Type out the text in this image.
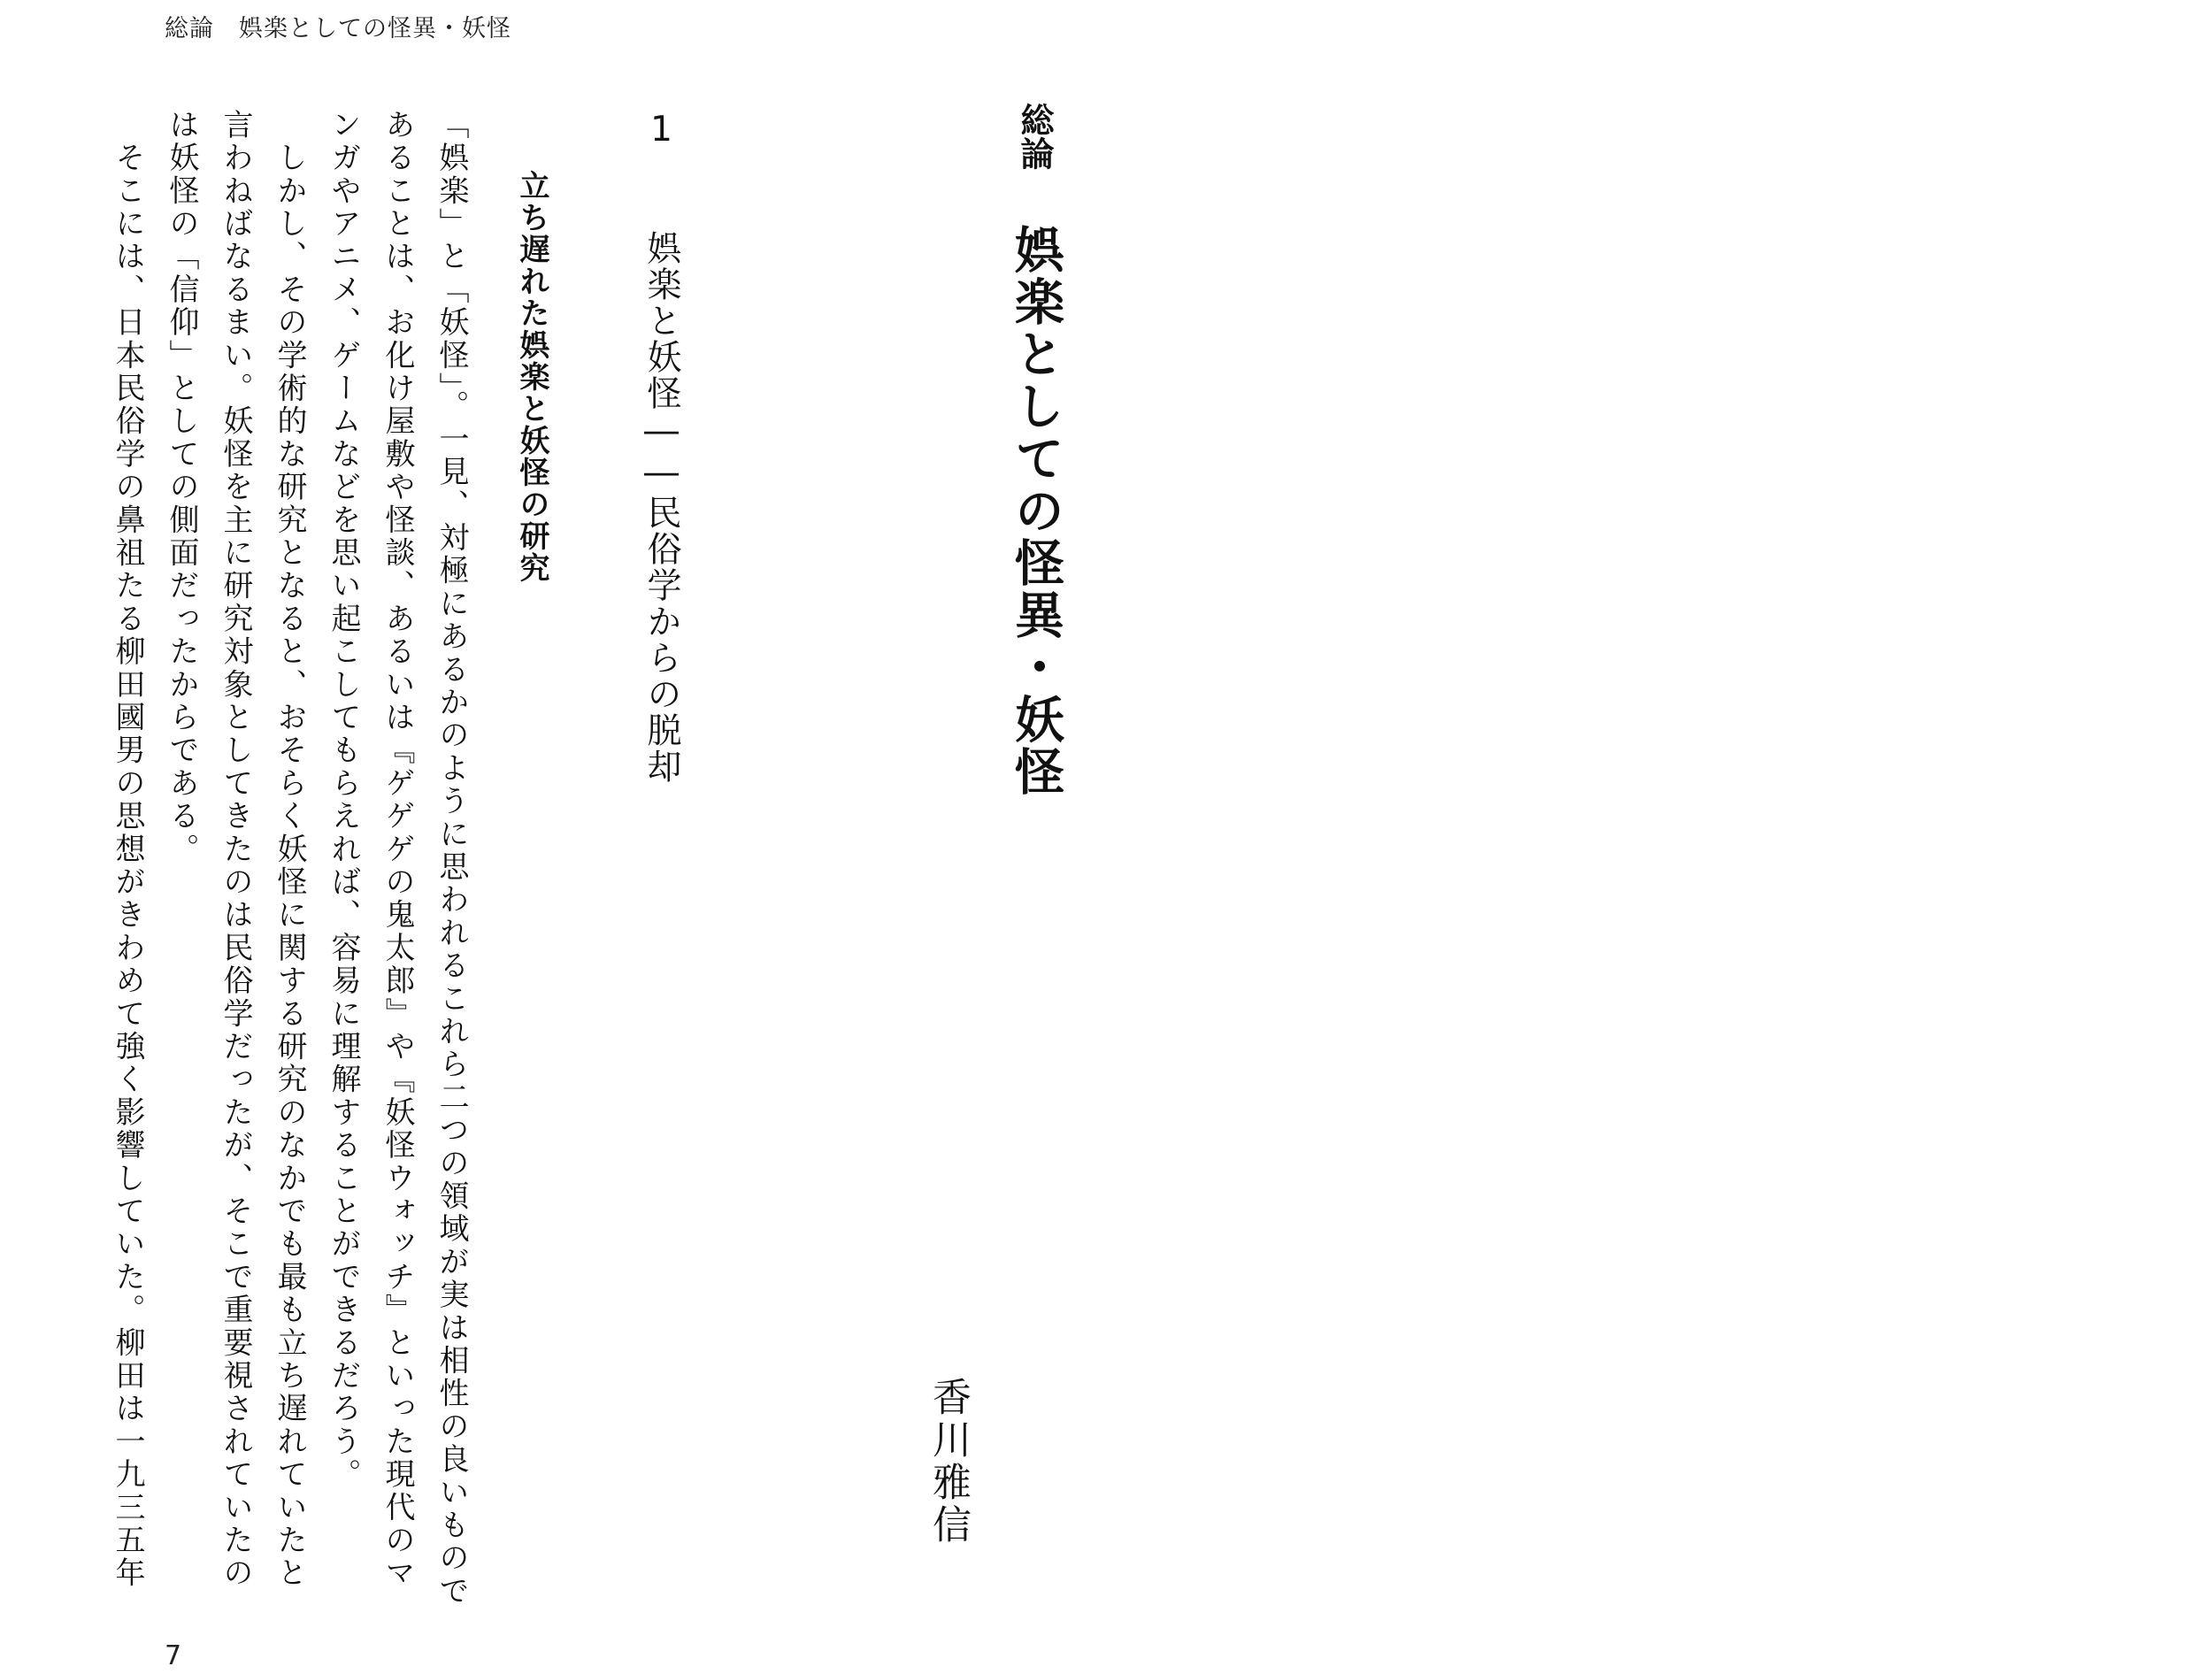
総論　娯楽としての怪異・妖怪
総論
娯楽としての怪異・妖怪
香川雅信
1 娯楽と妖怪――民俗学からの脱却
立ち遅れた娯楽と妖怪の研究
「娯楽」と「妖怪」。一見、対極にあるかのように思われるこれら二つの領域が実は相性の良いもので
あることは、お化け屋敷や怪談、あるいは『ゲゲゲの鬼太郎』や『妖怪ウォッチ』といった現代のマ
ンガやアニメ、ゲームなどを思い起こしてもらえれば、容易に理解することができるだろう。
　しかし、その学術的な研究となると、おそらく妖怪に関する研究のなかでも最も立ち遅れていたと
言わねばなるまい。妖怪を主に研究対象としてきたのは民俗学だったが、そこで重要視されていたの
は妖怪の「信仰」としての側面だったからである。
　そこには、日本民俗学の鼻祖たる柳田國男の思想がきわめて強く影響していた。柳田は一九三五年
7
